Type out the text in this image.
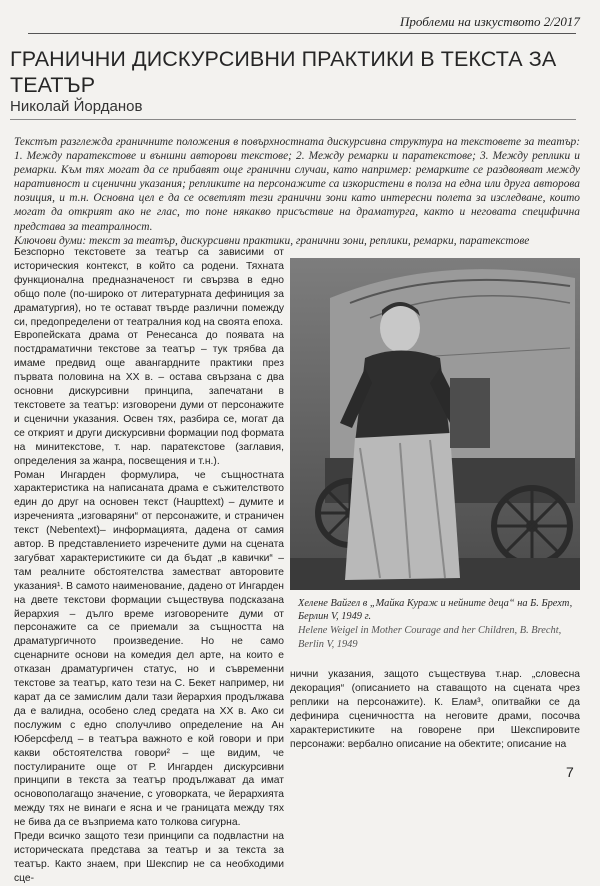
Проблеми на изкуството 2/2017
ГРАНИЧНИ ДИСКУРСИВНИ ПРАКТИКИ В ТЕКСТА ЗА ТЕАТЪР
Николай Йорданов

Текстът разглежда граничните положения в повърхностната дискурсивна структура на текстовете за театър: 1. Между паратекстове и външни авторови текстове; 2. Между ремарки и паратекстове; 3. Между реплики и ремарки. Към тях могат да се прибавят още гранични случаи, като например: ремарките се раздвояват между наративност и сценични указания; репликите на персонажите са изкористени в полза на една или друга авторова позиция, и т.н. Основна цел е да се осветлят тези гранични зони като интересни полета за изследване, които могат да открият ако не глас, то поне някакво присъствие на драматурга, както и неговата специфична представа за театралност.

Ключови думи: текст за театър, дискурсивни практики, гранични зони, реплики, ремарки, паратекстове

Безспорно текстовете за театър са зависими от историческия контекст, в който са родени. Тяхната функционална предназначеност ги свързва в едно общо поле (по-широко от литературната дефиниция за драматургия), но те остават твърде различни помежду си, предопределени от театралния код на своята епоха.

Европейската драма от Ренесанса до появата на постдраматични текстове за театър – тук трябва да имаме предвид още авангардните практики през първата половина на ХХ в. – остава свързана с два основни дискурсивни принципа, запечатани в текстовете за театър: изговорени думи от персонажите и сценични указания. Освен тях, разбира се, могат да се открият и други дискурсивни формации под формата на минитекстове, т. нар. паратекстове (заглавия, определения за жанра, посвещения и т.н.).

Роман Ингарден формулира, че същностната характеристика на написаната драма е съжителството един до друг на основен текст (Haupttext) – думите и изреченията „изговаряни“ от персонажите, и страничен текст (Nebentext)– информацията, дадена от самия автор. В представлението изречените думи на сцената загубват характеристиките си да бъдат „в кавички“ – там реалните обстоятелства заместват авторовите указания¹. В самото наименование, дадено от Ингарден на двете текстови формации съществува подсказана йерархия – дълго време изговорените думи от персонажите са се приемали за същността на драматургичното произведение. Но не само сценарните основи на комедия дел арте, на които е отказан драматургичен статус, но и съвременни текстове за театър, като тези на С. Бекет например, ни карат да се замислим дали тази йерархия продължава да е валидна, особено след средата на ХХ в. Ако си послужим с едно сполучливо определение на Ан Юберсфелд – в театъра важното е кой говори и при какви обстоятелства говори² – щe видим, че постулираните още от Р. Ингарден дискурсивни принципи в текста за театър продължават да имат основополагащо значение, с уговорката, че йерархията между тях не винаги е ясна и че границата между тях не бива да се възприема като толкова сигурна.

Преди всичко защото тези принципи са подвластни на историческата представа за театър и за текста за театър. Както знаем, при Шекспир не са необходими сце-

Хелене Вайгел в „Майка Кураж и нейните деца“ на Б. Брехт, Берлин V, 1949 г.

Helene Weigel in Mother Courage and her Children, B. Brecht, Berlin V, 1949

нични указания, защото съществува т.нар. „словесна декорация“ (описанието на ставащото на сцената чрез реплики на персонажите). К. Елам³, опитвайки се да дефинира сценичността на неговите драми, посочва характеристиките на говорене при Шекспировите персонажи: вербално описание на обектите; описание на

7
